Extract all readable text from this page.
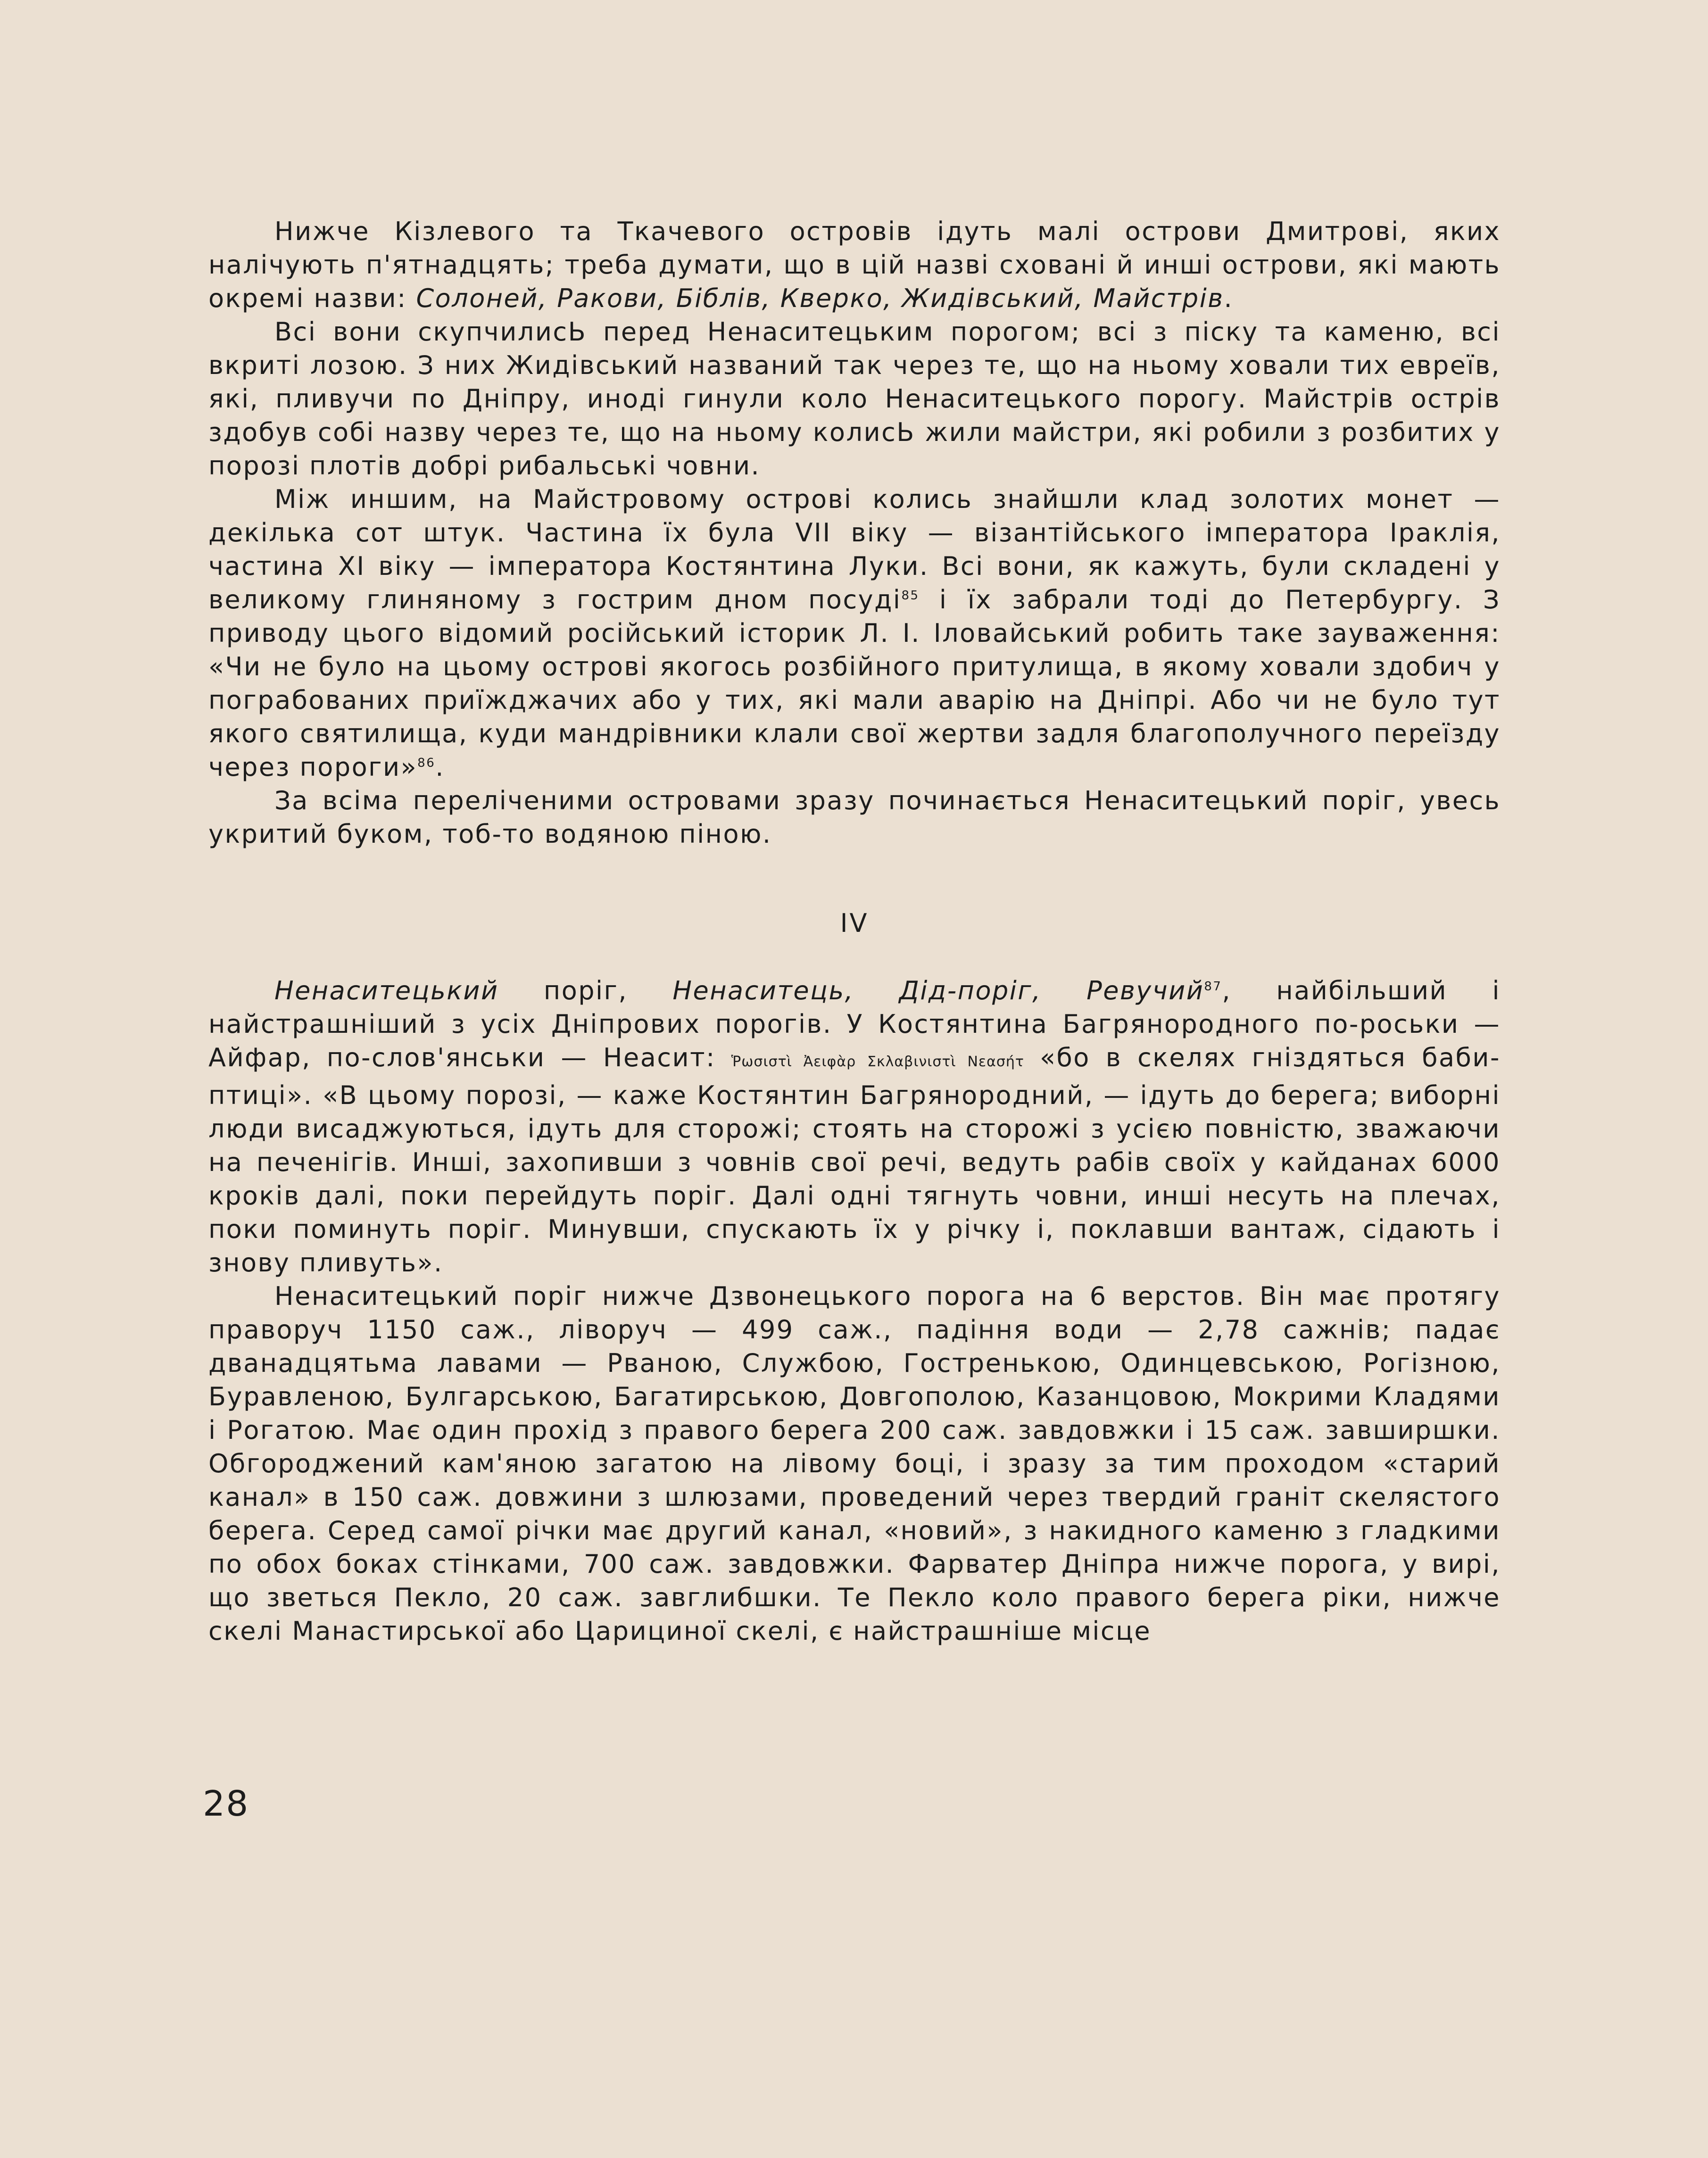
Нижче Кізлевого та Ткачевого островів ідуть малі острови Дмитрові, яких налічують п'ятнадцять; треба думати, що в цій назві сховані й инші острови, які мають окремі назви: Солоней, Ракови, Біблів, Кверко, Жидівський, Майстрів.

Всі вони скупчилисЬ перед Ненаситецьким порогом; всі з піску та каменю, всі вкриті лозою. З них Жидівський названий так через те, що на ньому ховали тих евреїв, які, пливучи по Дніпру, иноді гинули коло Ненаситецького порогу. Майстрів острів здобув собі назву через те, що на ньому колисЬ жили майстри, які робили з розбитих у порозі плотів добрі рибальські човни.

Між иншим, на Майстровому острові колись знайшли клад золотих монет — декілька сот штук. Частина їх була VII віку — візантійського імператора Іраклія, частина XI віку — імператора Костянтина Луки. Всі вони, як кажуть, були складені у великому глиняному з гострим дном посуді$^{85}$ і їх забрали тоді до Петербургу. З приводу цього відомий російський історик Л. І. Іловайський робить таке зауваження: «Чи не було на цьому острові якогось розбійного притулища, в якому ховали здобич у пограбованих приїжджачих або у тих, які мали аварію на Дніпрі. Або чи не було тут якого святилища, куди мандрівники клали свої жертви задля благополучного переїзду через пороги»$^{86}$.

За всіма переліченими островами зразу починається Ненаситецький поріг, увесь укритий буком, тоб-то водяною піною.

IV

Ненаситецький поріг, Ненаситець, Дід-поріг, Ревучий$^{87}$, найбільший і найстрашніший з усіх Дніпрових порогів. У Костянтина Багрянородного по-роськи — Айфар, по-слов'янськи — Неасит: Ῥωσιστὶ Ἀειφὰρ Σκλαβινιστὶ Νεασήτ «бо в скелях гніздяться баби-птиці». «В цьому порозі, — каже Костянтин Багрянородний, — ідуть до берега; виборні люди висаджуються, ідуть для сторожі; стоять на сторожі з усією повністю, зважаючи на печенігів. Инші, захопивши з човнів свої речі, ведуть рабів своїх у кайданах 6000 кроків далі, поки перейдуть поріг. Далі одні тягнуть човни, инші несуть на плечах, поки поминуть поріг. Минувши, спускають їх у річку і, поклавши вантаж, сідають і знову пливуть».

Ненаситецький поріг нижче Дзвонецького порога на 6 верстов. Він має протягу праворуч 1150 саж., ліворуч — 499 саж., падіння води — 2,78 сажнів; падає дванадцятьма лавами — Рваною, Службою, Гостренькою, Одинцевською, Рогізною, Буравленою, Булгарською, Багатирською, Довгополою, Казанцовою, Мокрими Кладями і Рогатою. Має один прохід з правого берега 200 саж. завдовжки і 15 саж. завширшки. Обгороджений кам'яною загатою на лівому боці, і зразу за тим проходом «старий канал» в 150 саж. довжини з шлюзами, проведений через твердий граніт скелястого берега. Серед самої річки має другий канал, «новий», з накидного каменю з гладкими по обох боках стінками, 700 саж. завдовжки. Фарватер Дніпра нижче порога, у вирі, що зветься Пекло, 20 саж. завглибшки. Те Пекло коло правого берега ріки, нижче скелі Манастирської або Царициної скелі, є найстрашніше місце

28
